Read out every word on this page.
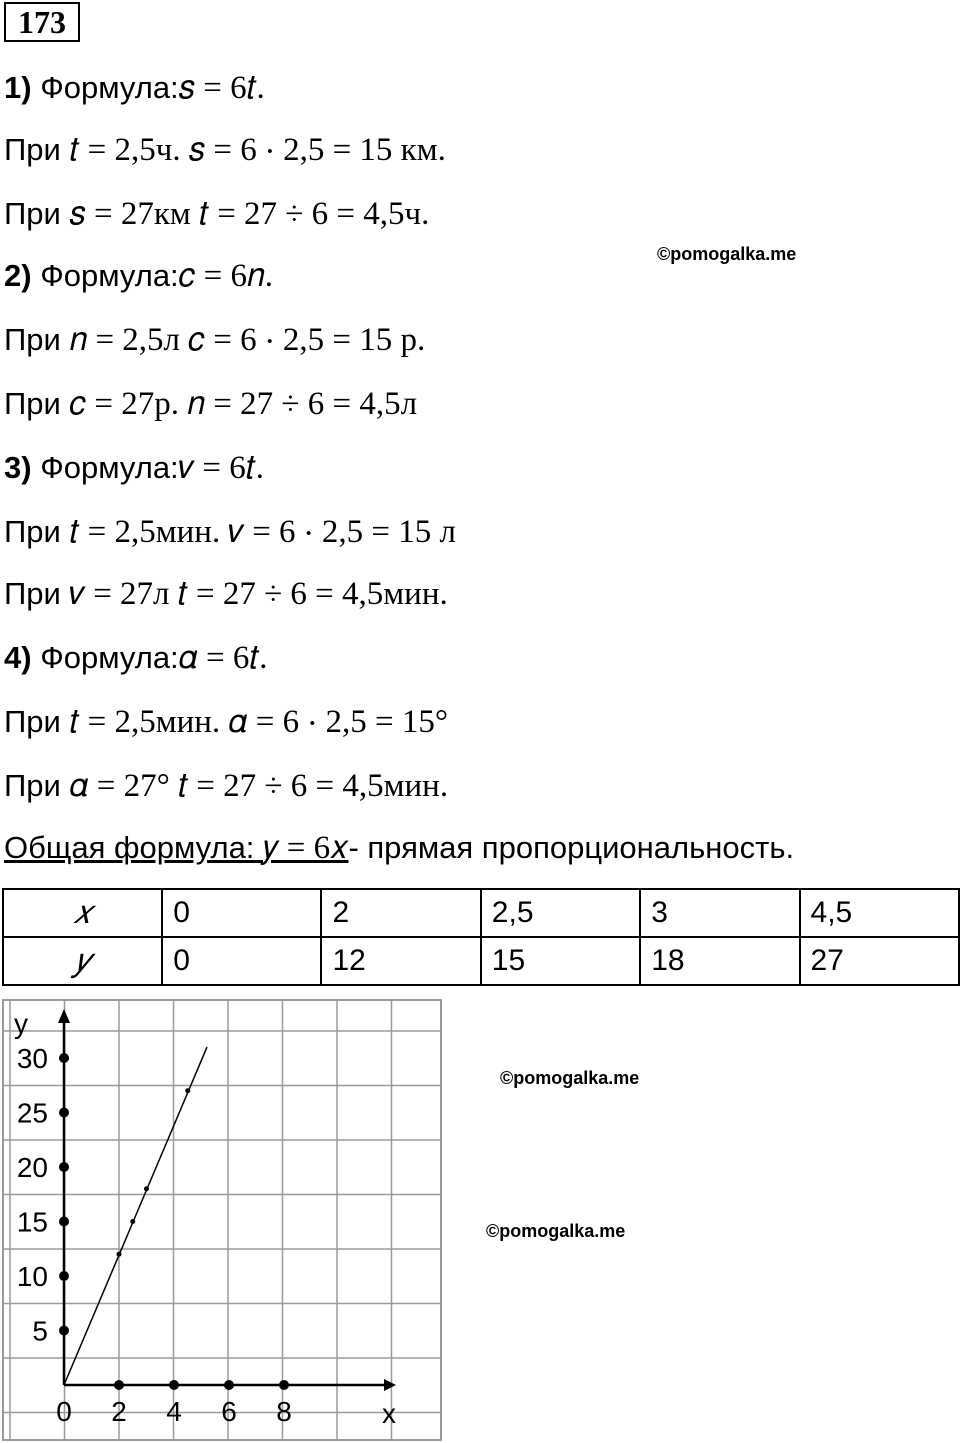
173
1) Формула:𝑠 = 6𝑡.
При 𝑡 = 2,5ч. 𝑠 = 6 ⋅ 2,5 = 15 км.
При 𝑠 = 27км 𝑡 = 27 ÷ 6 = 4,5ч.
2) Формула:𝑐 = 6𝑛.
При 𝑛 = 2,5л 𝑐 = 6 ⋅ 2,5 = 15 р.
При 𝑐 = 27р. 𝑛 = 27 ÷ 6 = 4,5л
3) Формула:𝑣 = 6𝑡.
При 𝑡 = 2,5мин. 𝑣 = 6 ⋅ 2,5 = 15 л
При 𝑣 = 27л 𝑡 = 27 ÷ 6 = 4,5мин.
4) Формула:𝛼 = 6𝑡.
При 𝑡 = 2,5мин. 𝛼 = 6 ⋅ 2,5 = 15°
При 𝛼 = 27° 𝑡 = 27 ÷ 6 = 4,5мин.
Общая формула: 𝑦 = 6𝑥- прямая пропорциональность.
©pomogalka.me
©pomogalka.me
©pomogalka.me
𝑥	0	2	2,5	3	4,5
𝑦	0	12	15	18	27
x
y
0 2 4 6 8
5
10
15
20
25
30
